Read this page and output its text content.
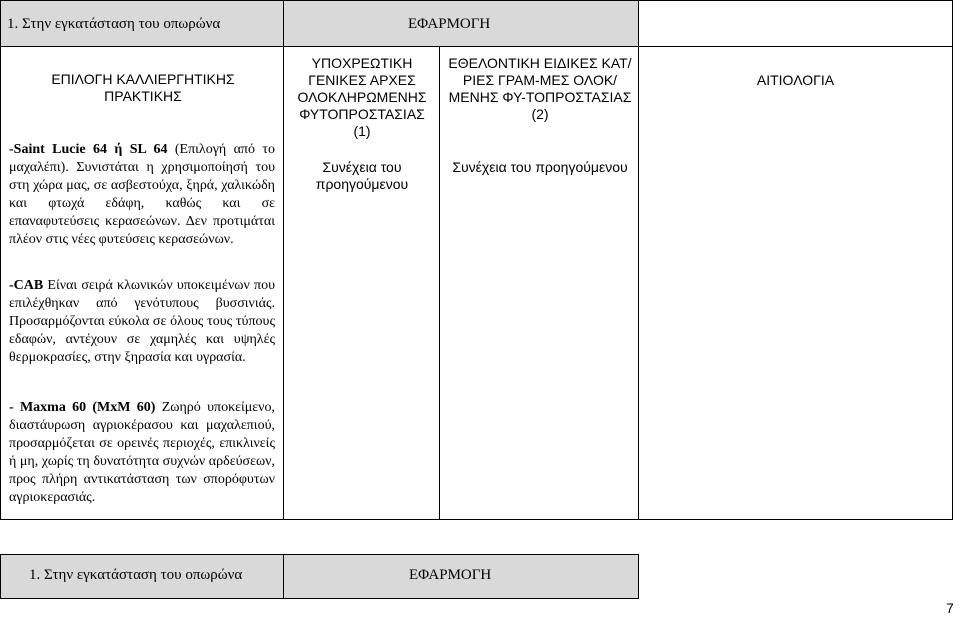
1. Στην εγκατάσταση του οπωρώνα	ΕΦΑΡΜΟΓΗ
ΕΠΙΛΟΓΗ ΚΑΛΛΙΕΡΓΗΤΙΚΗΣ ΠΡΑΚΤΙΚΗΣ
-Saint Lucie 64 ή SL 64 (Επιλογή από το μαχαλέπι). Συνιστάται η χρησιμοποίησή του στη χώρα μας, σε ασβεστούχα, ξηρά, χαλικώδη και φτωχά εδάφη, καθώς και σε επαναφυτεύσεις κερασεώνων. Δεν προτιμάται πλέον στις νέες φυτεύσεις κερασεώνων.
-CAB Είναι σειρά κλωνικών υποκειμένων που επιλέχθηκαν από γενότυπους βυσσινιάς. Προσαρμόζονται εύκολα σε όλους τους τύπους εδαφών, αντέχουν σε χαμηλές και υψηλές θερμοκρασίες, στην ξηρασία και υγρασία.
- Maxma 60 (MxM 60) Ζωηρό υποκείμενο, διαστάυρωση αγριοκέρασου και μαχαλεπιού, προσαρμόζεται σε ορεινές περιοχές, επικλινείς ή μη, χωρίς τη δυνατότητα συχνών αρδεύσεων, προς πλήρη αντικατάσταση των σπορόφυτων αγριοκερασιάς.
ΥΠΟΧΡΕΩΤΙΚΗ ΓΕΝΙΚΕΣ ΑΡΧΕΣ ΟΛΟΚΛΗΡΩΜΕΝΗΣ ΦΥΤΟΠΡΟΣΤΑΣΙΑΣ
(1)
Συνέχεια του προηγούμενου
ΕΘΕΛΟΝΤΙΚΗ ΕΙΔΙΚΕΣ ΚΑΤ/ΡΙΕΣ ΓΡΑΜ-ΜΕΣ ΟΛΟΚ/ΜΕΝΗΣ ΦΥ-ΤΟΠΡΟΣΤΑΣΙΑΣ
(2)
Συνέχεια του προηγούμενου
ΑΙΤΙΟΛΟΓΙΑ
1. Στην εγκατάσταση του οπωρώνα	ΕΦΑΡΜΟΓΗ
7
